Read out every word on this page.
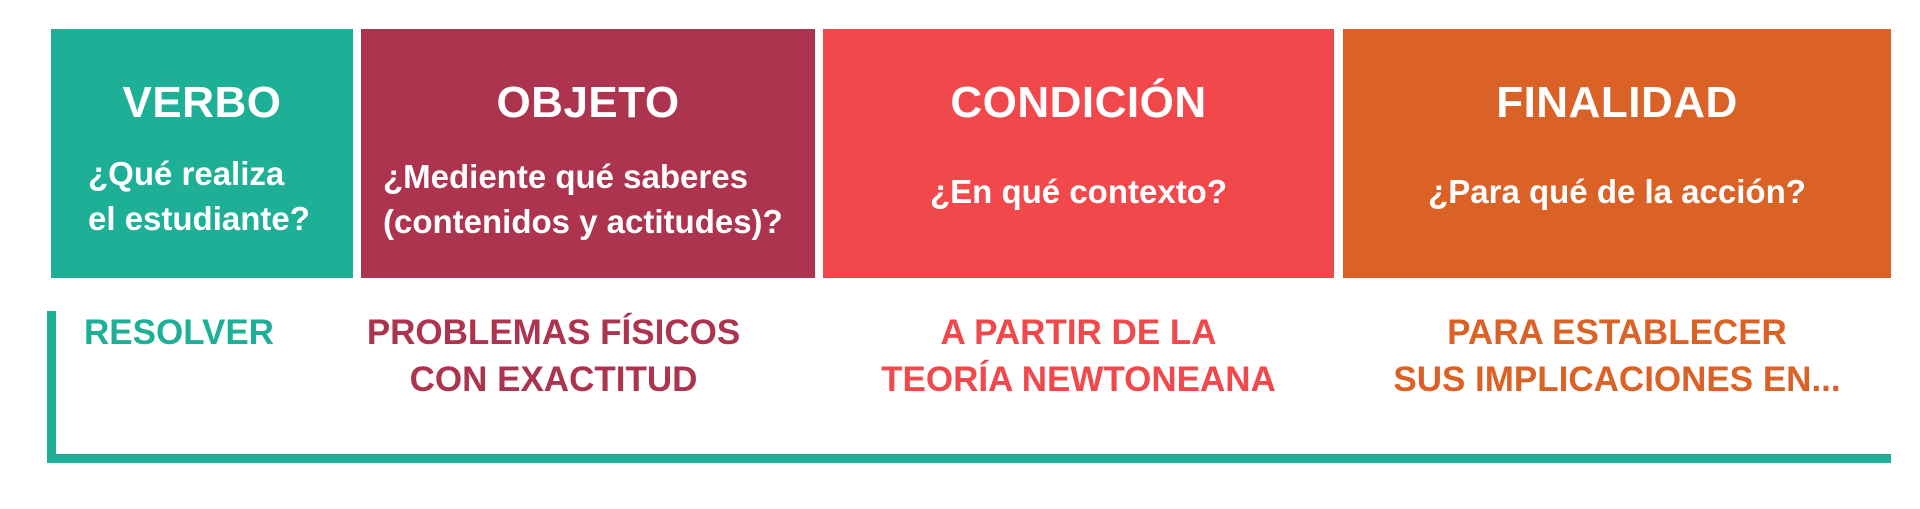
VERBO
¿Qué realiza
el estudiante?
OBJETO
¿Mediente qué saberes
(contenidos y actitudes)?
CONDICIÓN
¿En qué contexto?
FINALIDAD
¿Para qué de la acción?
RESOLVER	PROBLEMAS FÍSICOS
CON EXACTITUD
A PARTIR DE LA
TEORÍA NEWTONEANA
PARA ESTABLECER
SUS IMPLICACIONES EN...
